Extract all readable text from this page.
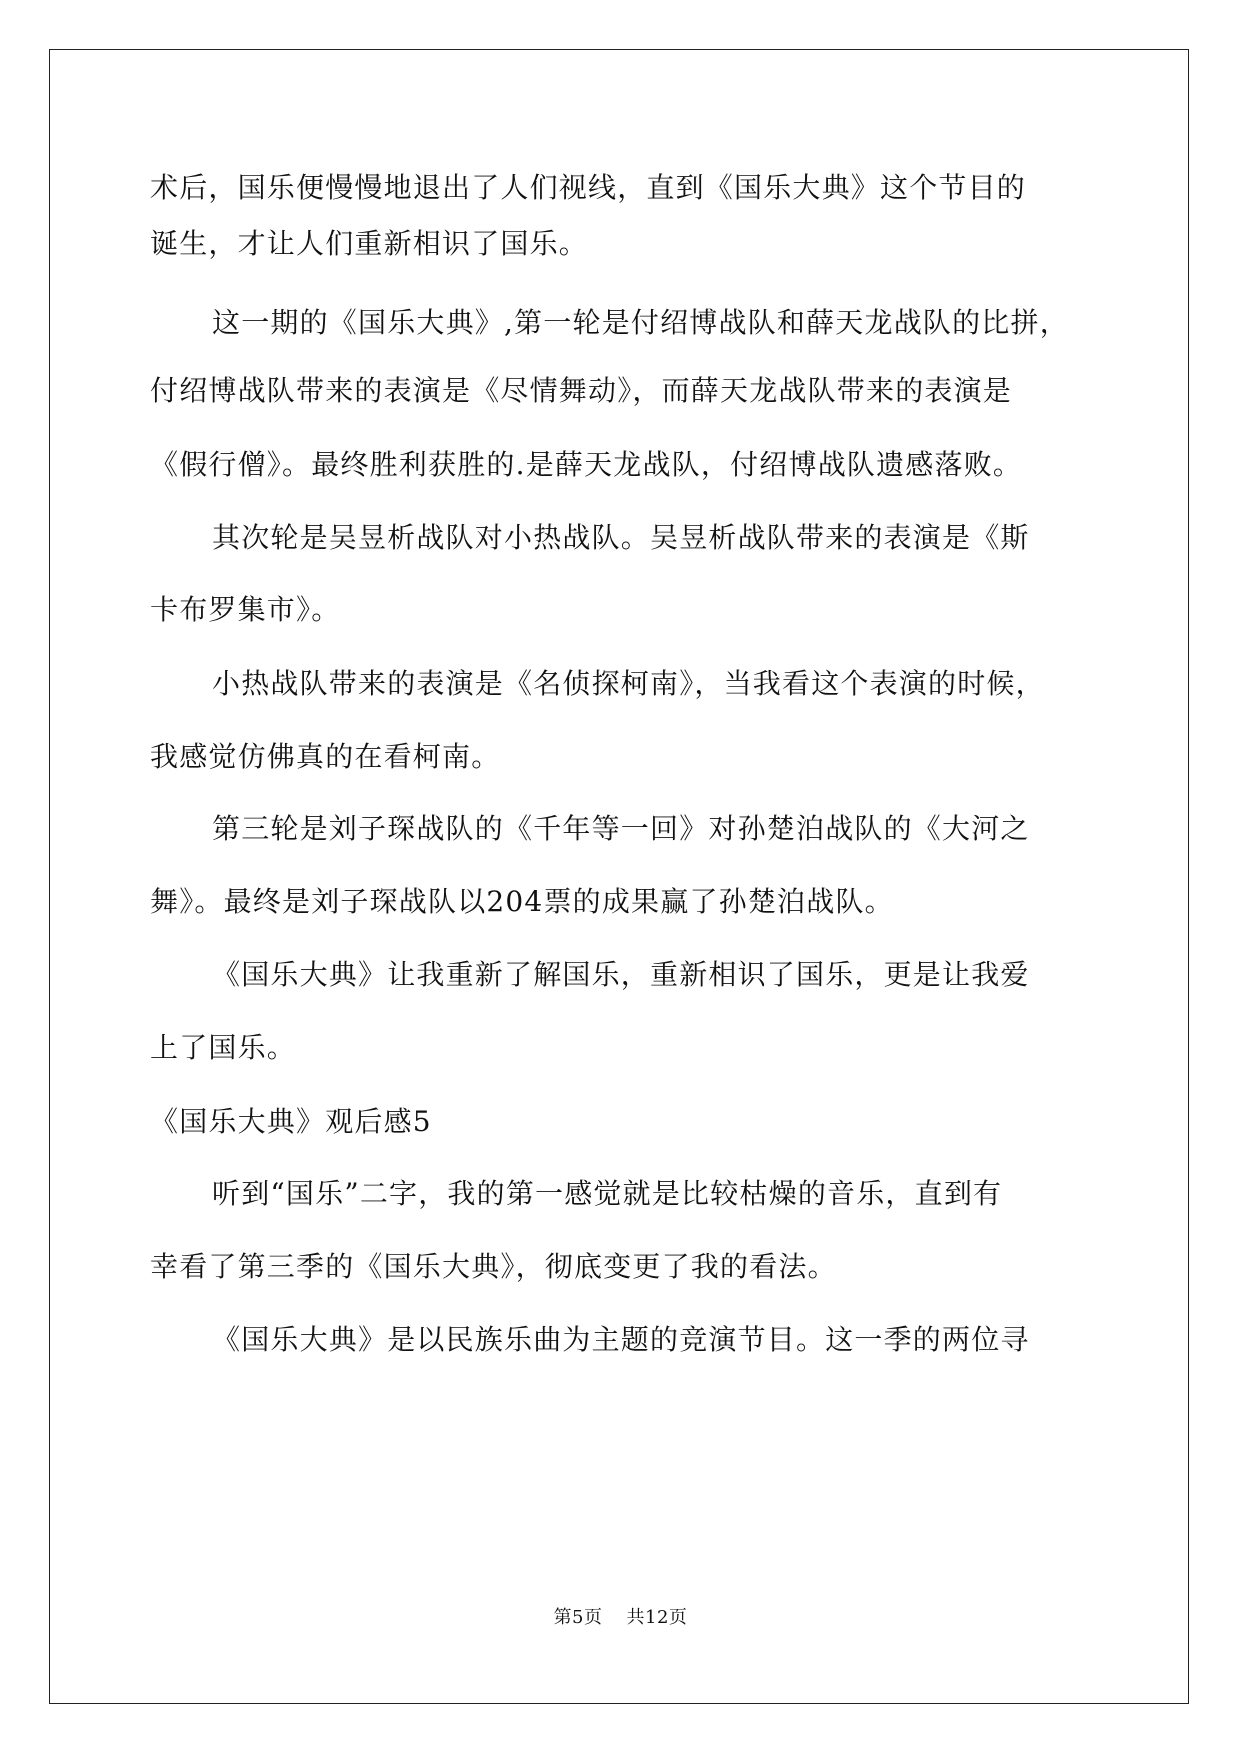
术后，国乐便慢慢地退出了人们视线，直到《国乐大典》这个节目的
诞生，才让人们重新相识了国乐。
这一期的《国乐大典》,第一轮是付绍博战队和薛天龙战队的比拼，
付绍博战队带来的表演是《尽情舞动》，而薛天龙战队带来的表演是
《假行僧》。最终胜利获胜的.是薛天龙战队，付绍博战队遗感落败。
其次轮是吴昱析战队对小热战队。吴昱析战队带来的表演是《斯
卡布罗集市》。
小热战队带来的表演是《名侦探柯南》，当我看这个表演的时候，
我感觉仿佛真的在看柯南。
第三轮是刘子琛战队的《千年等一回》对孙楚泊战队的《大河之
舞》。最终是刘子琛战队以204票的成果赢了孙楚泊战队。
《国乐大典》让我重新了解国乐，重新相识了国乐，更是让我爱
上了国乐。
《国乐大典》观后感5
听到“国乐”二字，我的第一感觉就是比较枯燥的音乐，直到有
幸看了第三季的《国乐大典》，彻底变更了我的看法。
《国乐大典》是以民族乐曲为主题的竞演节目。这一季的两位寻
第5页 共12页
